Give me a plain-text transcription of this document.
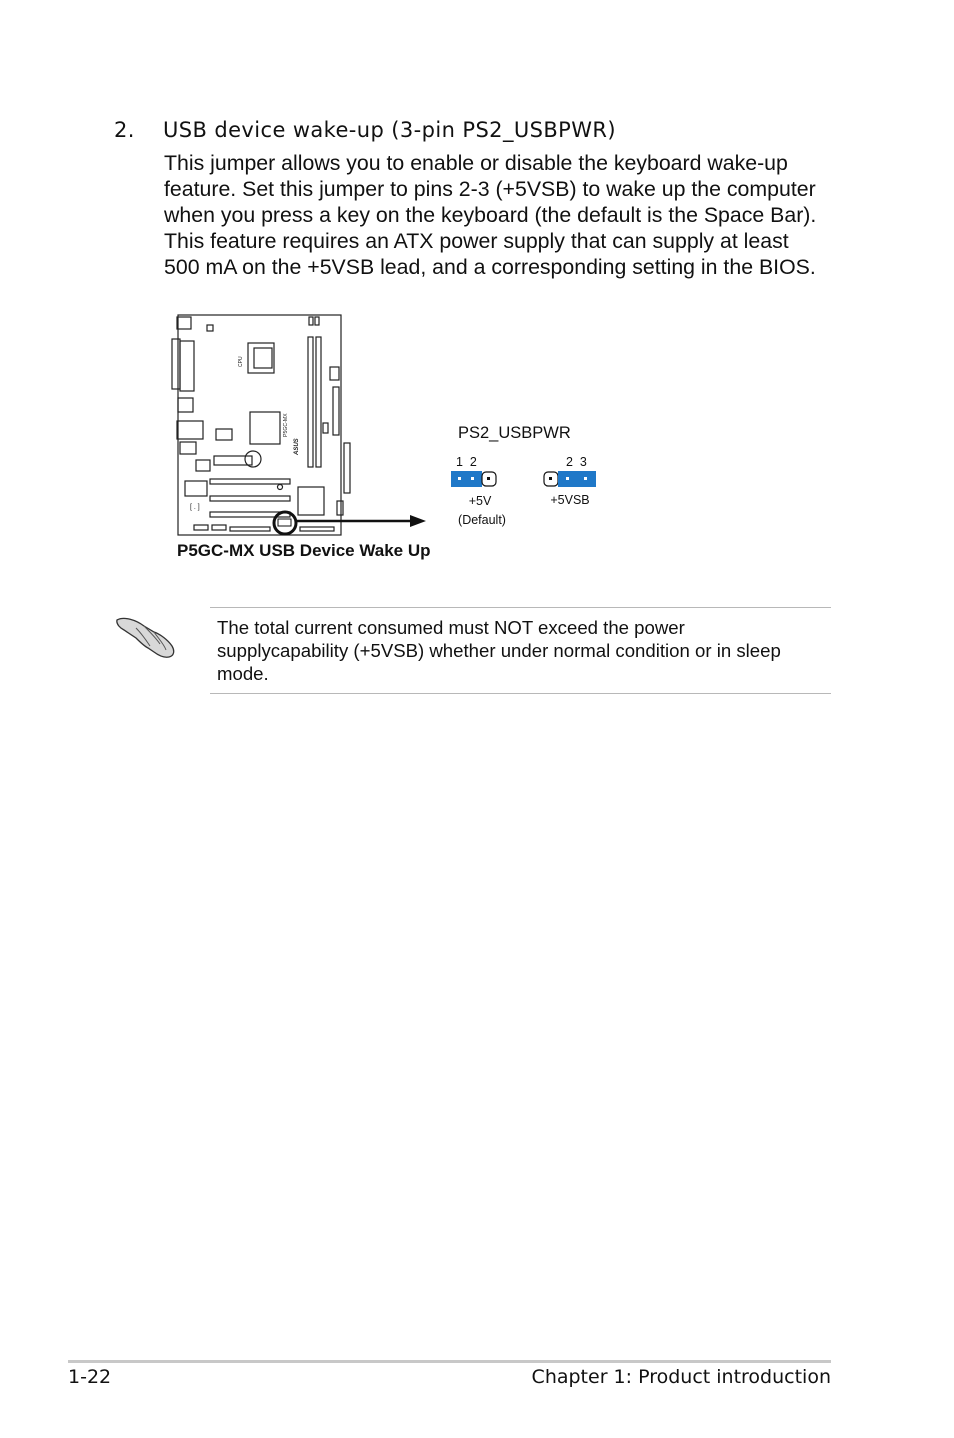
2. USB device wake-up (3-pin PS2_USBPWR)

This jumper allows you to enable or disable the keyboard wake-up

feature. Set this jumper to pins 2-3 (+5VSB) to wake up the computer

when you press a key on the keyboard (the default is the Space Bar).

This feature requires an ATX power supply that can supply at least

500 mA on the +5VSB lead, and a corresponding setting in the BIOS.

CPU
[ . ]
P5GC-MX
ASUS
PS2_USBPWR
1  2
+5V
(Default)
2  3
+5VSB
P5GC-MX USB Device Wake Up
The total current consumed must NOT exceed the power
supplycapability (+5VSB) whether under normal condition or in sleep
mode.
1-22	Chapter 1: Product introduction
